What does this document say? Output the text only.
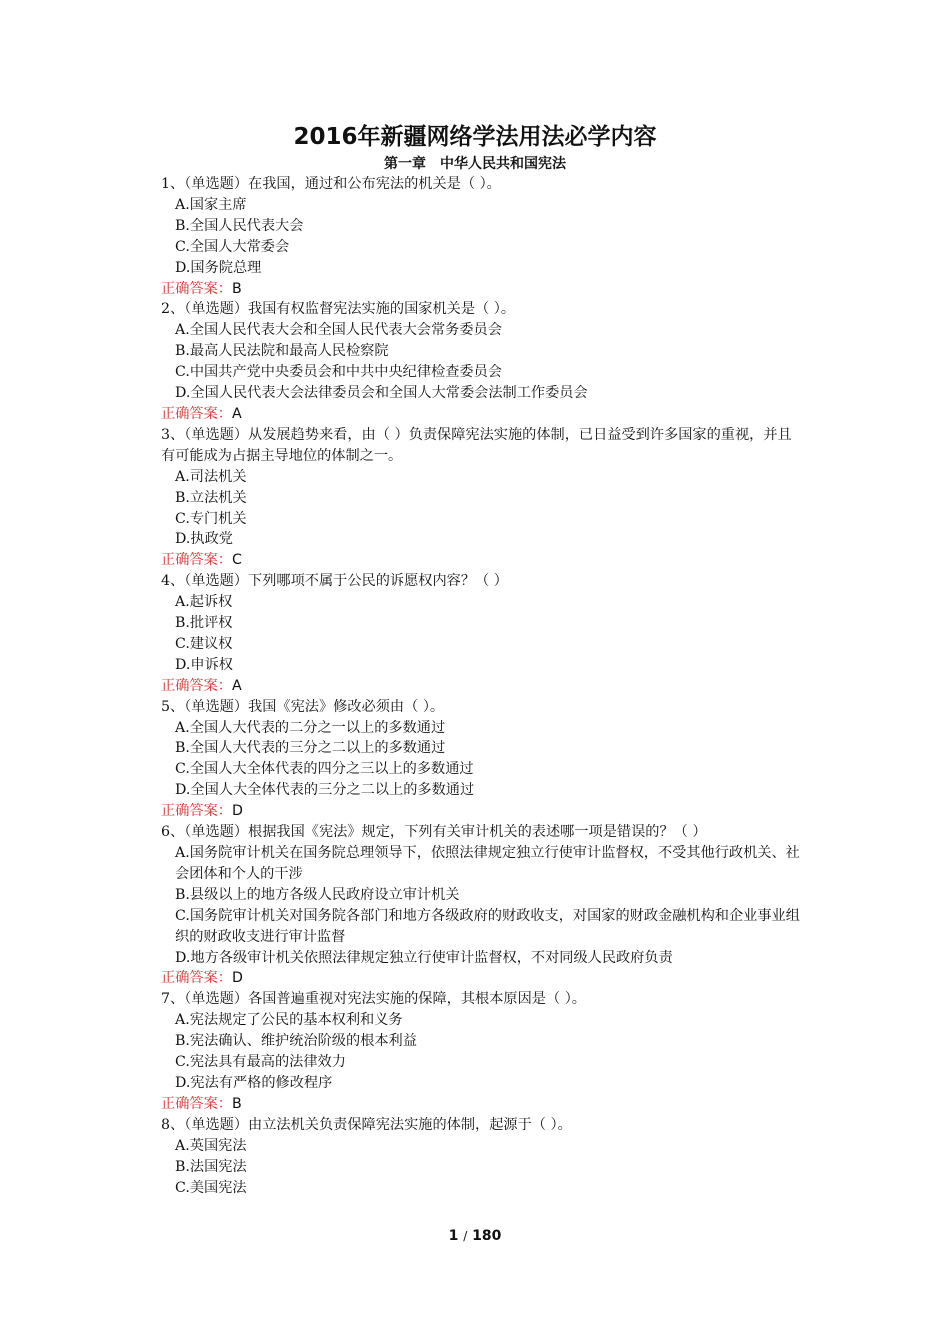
2016年新疆网络学法用法必学内容
第一章　中华人民共和国宪法
1、（单选题）在我国，通过和公布宪法的机关是（ ）。
A.国家主席
B.全国人民代表大会
C.全国人大常委会
D.国务院总理
正确答案：B
2、（单选题）我国有权监督宪法实施的国家机关是（ ）。
A.全国人民代表大会和全国人民代表大会常务委员会
B.最高人民法院和最高人民检察院
C.中国共产党中央委员会和中共中央纪律检查委员会
D.全国人民代表大会法律委员会和全国人大常委会法制工作委员会
正确答案：A
3、（单选题）从发展趋势来看，由（ ）负责保障宪法实施的体制，已日益受到许多国家的重视，并且有可能成为占据主导地位的体制之一。
A.司法机关
B.立法机关
C.专门机关
D.执政党
正确答案：C
4、（单选题）下列哪项不属于公民的诉愿权内容？（ ）
A.起诉权
B.批评权
C.建议权
D.申诉权
正确答案：A
5、（单选题）我国《宪法》修改必须由（ ）。
A.全国人大代表的二分之一以上的多数通过
B.全国人大代表的三分之二以上的多数通过
C.全国人大全体代表的四分之三以上的多数通过
D.全国人大全体代表的三分之二以上的多数通过
正确答案：D
6、（单选题）根据我国《宪法》规定，下列有关审计机关的表述哪一项是错误的？（ ）
A.国务院审计机关在国务院总理领导下，依照法律规定独立行使审计监督权，不受其他行政机关、社会团体和个人的干涉
B.县级以上的地方各级人民政府设立审计机关
C.国务院审计机关对国务院各部门和地方各级政府的财政收支，对国家的财政金融机构和企业事业组织的财政收支进行审计监督
D.地方各级审计机关依照法律规定独立行使审计监督权，不对同级人民政府负责
正确答案：D
7、（单选题）各国普遍重视对宪法实施的保障，其根本原因是（ ）。
A.宪法规定了公民的基本权利和义务
B.宪法确认、维护统治阶级的根本利益
C.宪法具有最高的法律效力
D.宪法有严格的修改程序
正确答案：B
8、（单选题）由立法机关负责保障宪法实施的体制，起源于（ ）。
A.英国宪法
B.法国宪法
C.美国宪法
1 / 180
